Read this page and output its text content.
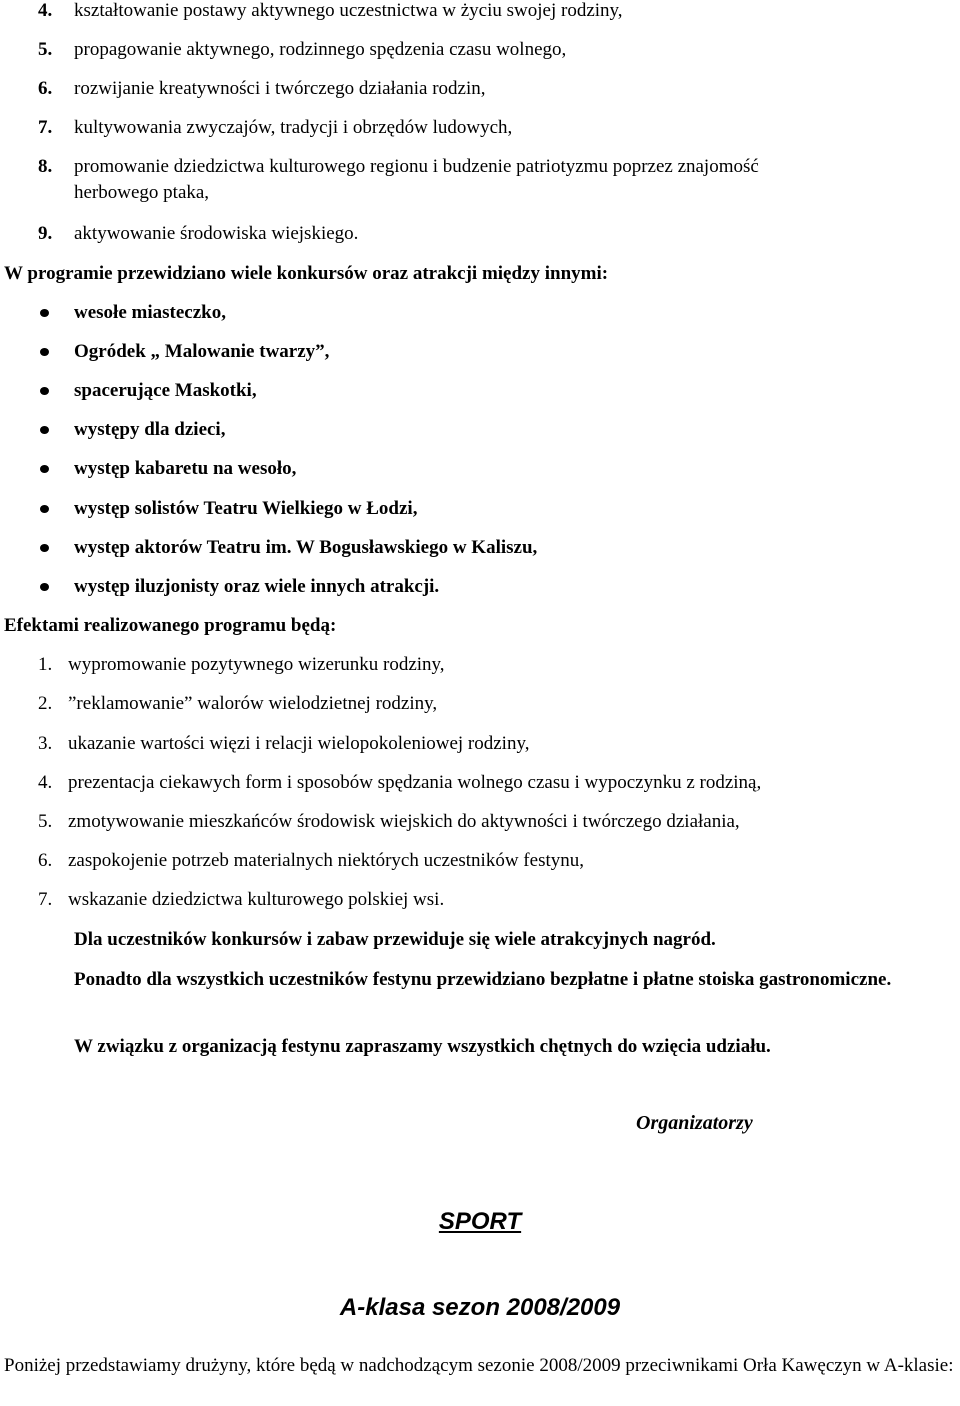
4. kształtowanie postawy aktywnego uczestnictwa w życiu swojej rodziny,
5. propagowanie aktywnego, rodzinnego spędzenia czasu wolnego,
6. rozwijanie kreatywności i twórczego działania rodzin,
7. kultywowania zwyczajów, tradycji i obrzędów ludowych,
8. promowanie dziedzictwa kulturowego regionu i budzenie patriotyzmu poprzez znajomość
herbowego ptaka,
9. aktywowanie środowiska wiejskiego.
W programie przewidziano wiele konkursów oraz atrakcji między innymi:
wesołe miasteczko,
Ogródek „ Malowanie twarzy”,
spacerujące Maskotki,
występy dla dzieci,
występ kabaretu na wesoło,
występ solistów Teatru Wielkiego w Łodzi,
występ aktorów Teatru im. W Bogusławskiego w Kaliszu,
występ iluzjonisty oraz wiele innych atrakcji.
Efektami realizowanego programu będą:
1. wypromowanie pozytywnego wizerunku rodziny,
2. ”reklamowanie” walorów wielodzietnej rodziny,
3. ukazanie wartości więzi i relacji wielopokoleniowej rodziny,
4. prezentacja ciekawych form i sposobów spędzania wolnego czasu i wypoczynku z rodziną,
5. zmotywowanie mieszkańców środowisk wiejskich do aktywności i twórczego działania,
6. zaspokojenie potrzeb materialnych niektórych uczestników festynu,
7. wskazanie dziedzictwa kulturowego polskiej wsi.
Dla uczestników konkursów i zabaw przewiduje się wiele atrakcyjnych nagród.
Ponadto dla wszystkich uczestników festynu przewidziano bezpłatne i płatne stoiska gastronomiczne.
W związku z organizacją festynu zapraszamy wszystkich chętnych do wzięcia udziału.
Organizatorzy
SPORT
A-klasa sezon 2008/2009
Poniżej przedstawiamy drużyny, które będą w nadchodzącym sezonie 2008/2009 przeciwnikami Orła Kawęczyn w A-klasie:
